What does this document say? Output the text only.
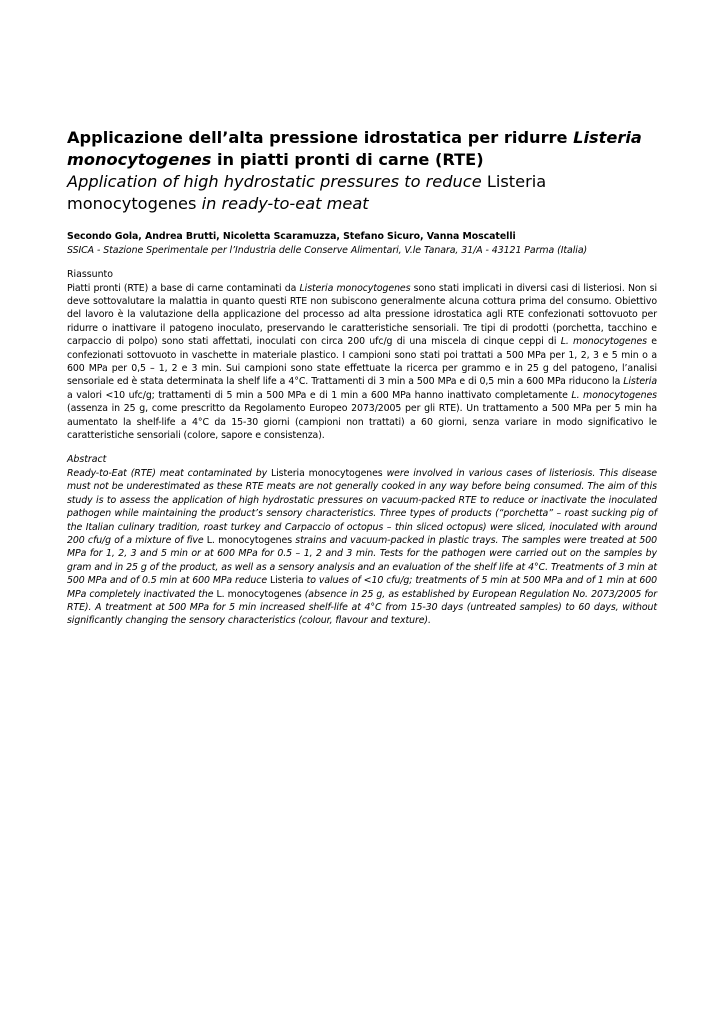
Applicazione dell’alta pressione idrostatica per ridurre Listeria monocytogenes in piatti pronti di carne (RTE)
Application of high hydrostatic pressures to reduce Listeria monocytogenes in ready-to-eat meat
Secondo Gola, Andrea Brutti, Nicoletta Scaramuzza, Stefano Sicuro, Vanna Moscatelli
SSICA - Stazione Sperimentale per l’Industria delle Conserve Alimentari, V.le Tanara, 31/A - 43121 Parma (Italia)
Riassunto

Piatti pronti (RTE) a base di carne contaminati da Listeria monocytogenes sono stati implicati in diversi casi di listeriosi. Non si deve sottovalutare la malattia in quanto questi RTE non subiscono generalmente alcuna cottura prima del consumo. Obiettivo del lavoro è la valutazione della applicazione del processo ad alta pressione idrostatica agli RTE confezionati sottovuoto per ridurre o inattivare il patogeno inoculato, preservando le caratteristiche sensoriali. Tre tipi di prodotti (porchetta, tacchino e carpaccio di polpo) sono stati affettati, inoculati con circa 200 ufc/g di una miscela di cinque ceppi di L. monocytogenes e confezionati sottovuoto in vaschette in materiale plastico. I campioni sono stati poi trattati a 500 MPa per 1, 2, 3 e 5 min o a 600 MPa per 0,5 – 1, 2 e 3 min. Sui campioni sono state effettuate la ricerca per grammo e in 25 g del patogeno, l’analisi sensoriale ed è stata determinata la shelf life a 4°C. Trattamenti di 3 min a 500 MPa e di 0,5 min a 600 MPa riducono la Listeria a valori <10 ufc/g; trattamenti di 5 min a 500 MPa e di 1 min a 600 MPa hanno inattivato completamente L. monocytogenes (assenza in 25 g, come prescritto da Regolamento Europeo 2073/2005 per gli RTE). Un trattamento a 500 MPa per 5 min ha aumentato la shelf-life a 4°C da 15-30 giorni (campioni non trattati) a 60 giorni, senza variare in modo significativo le caratteristiche sensoriali (colore, sapore e consistenza).

Abstract

Ready-to-Eat (RTE) meat contaminated by Listeria monocytogenes were involved in various cases of listeriosis. This disease must not be underestimated as these RTE meats are not generally cooked in any way before being consumed. The aim of this study is to assess the application of high hydrostatic pressures on vacuum-packed RTE to reduce or inactivate the inoculated pathogen while maintaining the product’s sensory characteristics. Three types of products (“porchetta” – roast sucking pig of the Italian culinary tradition, roast turkey and Carpaccio of octopus – thin sliced octopus) were sliced, inoculated with around 200 cfu/g of a mixture of five L. monocytogenes strains and vacuum-packed in plastic trays. The samples were treated at 500 MPa for 1, 2, 3 and 5 min or at 600 MPa for 0.5 – 1, 2 and 3 min. Tests for the pathogen were carried out on the samples by gram and in 25 g of the product, as well as a sensory analysis and an evaluation of the shelf life at 4°C. Treatments of 3 min at 500 MPa and of 0.5 min at 600 MPa reduce Listeria to values of <10 cfu/g; treatments of 5 min at 500 MPa and of 1 min at 600 MPa completely inactivated the L. monocytogenes (absence in 25 g, as established by European Regulation No. 2073/2005 for RTE). A treatment at 500 MPa for 5 min increased shelf-life at 4°C from 15-30 days (untreated samples) to 60 days, without significantly changing the sensory characteristics (colour, flavour and texture).
